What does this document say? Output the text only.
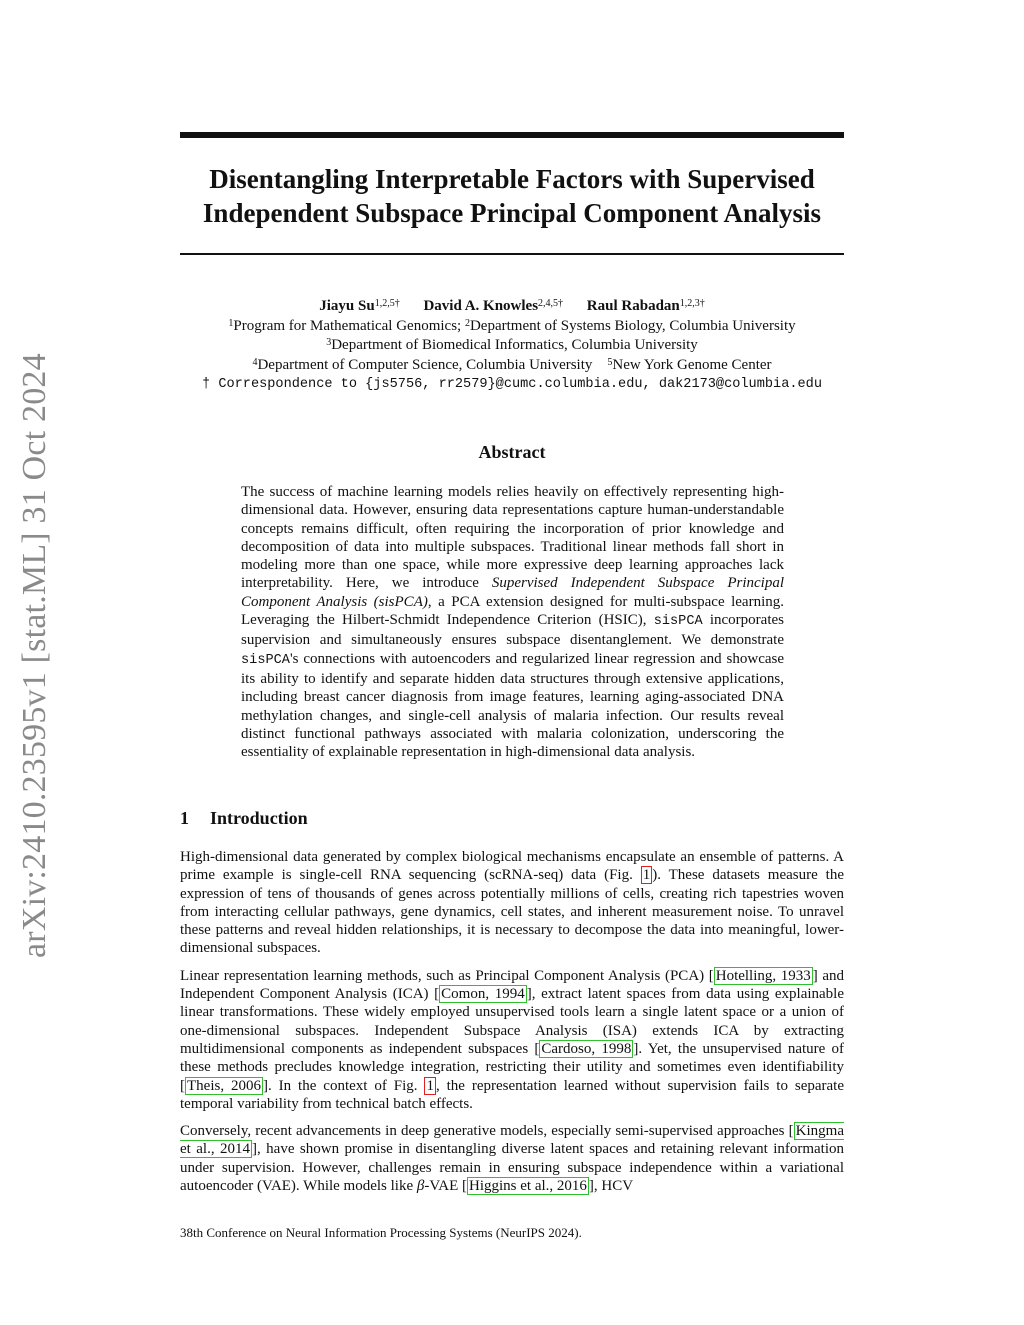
arXiv:2410.23595v1 [stat.ML] 31 Oct 2024
Disentangling Interpretable Factors with Supervised
Independent Subspace Principal Component Analysis
Jiayu $Su^{1,2,5\dagger}$ David A. Knowles$^{2,4,5\dagger}$ Raul Rabadan$^{1,2,3\dagger}$
$^1$Program for Mathematical Genomics; $^2$Department of Systems Biology, Columbia University
$^3$Department of Biomedical Informatics, Columbia University
$^4$Department of Computer Science, Columbia University $^5$New York Genome Center
† Correspondence to {js5756, rr2579}@cumc.columbia.edu, dak2173@columbia.edu
Abstract

The success of machine learning models relies heavily on effectively representing high-dimensional data. However, ensuring data representations capture human-understandable concepts remains difficult, often requiring the incorporation of prior knowledge and decomposition of data into multiple subspaces. Traditional linear methods fall short in modeling more than one space, while more expressive deep learning approaches lack interpretability. Here, we introduce Supervised Independent Subspace Principal Component Analysis (sisPCA), a PCA extension designed for multi-subspace learning. Leveraging the Hilbert-Schmidt Independence Criterion (HSIC), sisPCA incorporates supervision and simultaneously ensures subspace disentanglement. We demonstrate sisPCA's connections with autoencoders and regularized linear regression and showcase its ability to identify and separate hidden data structures through extensive applications, including breast cancer diagnosis from image features, learning aging-associated DNA methylation changes, and single-cell analysis of malaria infection. Our results reveal distinct functional pathways associated with malaria colonization, underscoring the essentiality of explainable representation in high-dimensional data analysis.

1 Introduction

High-dimensional data generated by complex biological mechanisms encapsulate an ensemble of patterns. A prime example is single-cell RNA sequencing (scRNA-seq) data (Fig. 1 ). These datasets measure the expression of tens of thousands of genes across potentially millions of cells, creating rich tapestries woven from interacting cellular pathways, gene dynamics, cell states, and inherent measurement noise. To unravel these patterns and reveal hidden relationships, it is necessary to decompose the data into meaningful, lower-dimensional subspaces.

Linear representation learning methods, such as Principal Component Analysis (PCA) [ Hotelling, 1933 ] and Independent Component Analysis (ICA) [ Comon, 1994 ], extract latent spaces from data using explainable linear transformations. These widely employed unsupervised tools learn a single latent space or a union of one-dimensional subspaces. Independent Subspace Analysis (ISA) extends ICA by extracting multidimensional components as independent subspaces [ Cardoso, 1998 ]. Yet, the unsupervised nature of these methods precludes knowledge integration, restricting their utility and sometimes even identifiability [ Theis, 2006 ]. In the context of Fig. 1 , the representation learned without supervision fails to separate temporal variability from technical batch effects.

Conversely, recent advancements in deep generative models, especially semi-supervised approaches [ Kingma et al., 2014 ], have shown promise in disentangling diverse latent spaces and retaining relevant information under supervision. However, challenges remain in ensuring subspace independence within a variational autoencoder (VAE). While models like β-VAE [ Higgins et al., 2016 ], HCV

38th Conference on Neural Information Processing Systems (NeurIPS 2024).
